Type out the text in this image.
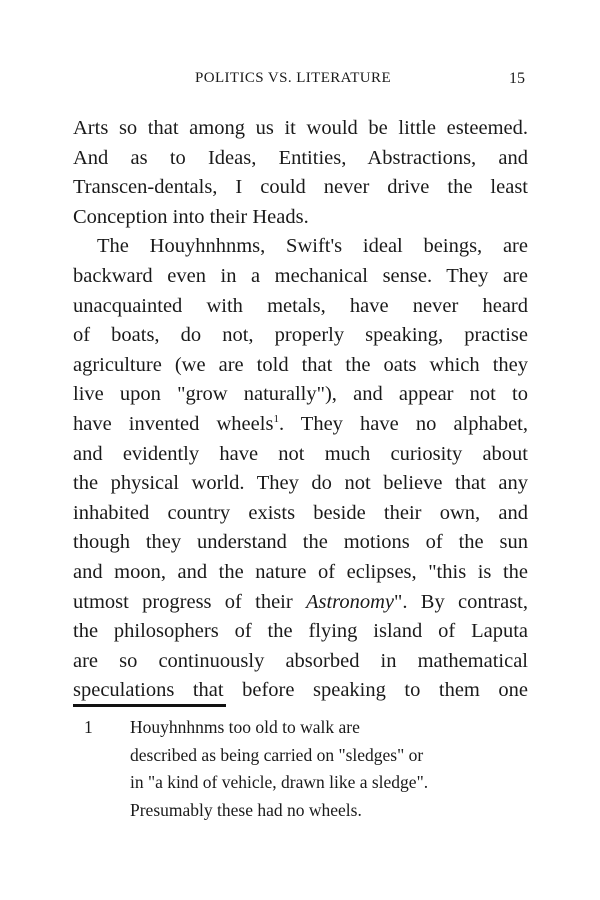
POLITICS VS. LITERATURE	15
Arts so that among us it would be little esteemed.
And as to Ideas, Entities, Abstractions, and
Transcen-dentals, I could never drive the least
Conception into their Heads.
The Houyhnhnms, Swift's ideal beings, are
backward even in a mechanical sense. They are
unacquainted with metals, have never heard
of boats, do not, properly speaking, practise
agriculture (we are told that the oats which they
live upon "grow naturally"), and appear not to
have invented wheels$^1$. They have no alphabet,
and evidently have not much curiosity about
the physical world. They do not believe that any
inhabited country exists beside their own, and
though they understand the motions of the sun
and moon, and the nature of eclipses, "this is the
utmost progress of their Astronomy". By contrast,
the philosophers of the flying island of Laputa
are so continuously absorbed in mathematical
speculations that before speaking to them one
1 Houyhnhnms too old to walk are
described as being carried on "sledges" or
in "a kind of vehicle, drawn like a sledge".
Presumably these had no wheels.
